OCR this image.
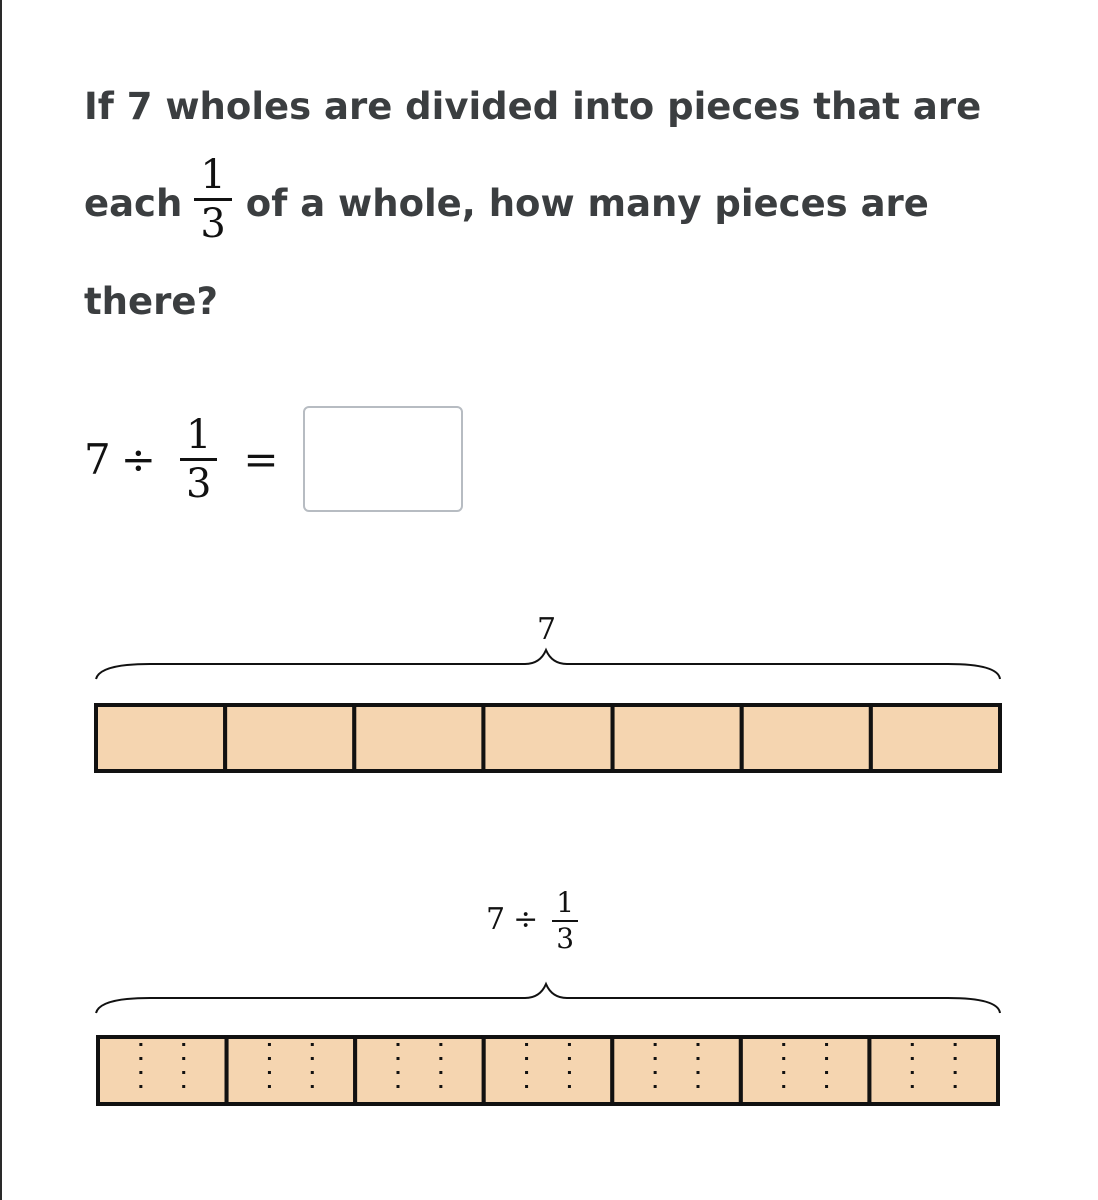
If 7 wholes are divided into pieces that are each $\frac{1}{3}$ of a whole, how many pieces are there?
$7 \div \frac{1}{3}$ =
7
$7 \div \frac{1}{3}$
